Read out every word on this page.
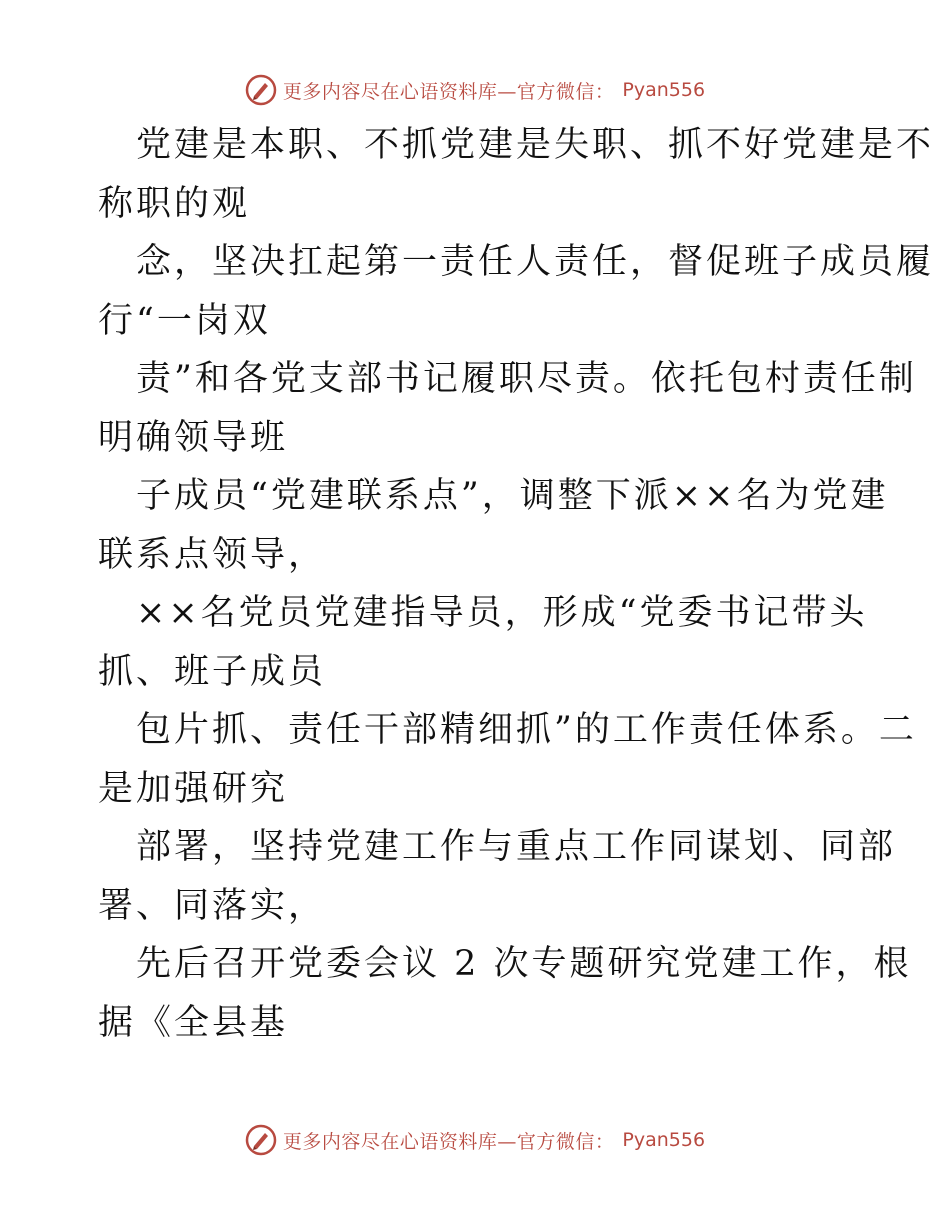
更多内容尽在心语资料库—官方微信： Pyan556
党建是本职、不抓党建是失职、抓不好党建是不
称职的观
念，坚决扛起第一责任人责任，督促班子成员履
行“一岗双
责”和各党支部书记履职尽责。依托包村责任制
明确领导班
子成员“党建联系点”，调整下派××名为党建
联系点领导，
××名党员党建指导员，形成“党委书记带头
抓、班子成员
包片抓、责任干部精细抓”的工作责任体系。二
是加强研究
部署，坚持党建工作与重点工作同谋划、同部
署、同落实，
先后召开党委会议 2 次专题研究党建工作，根
据《全县基
更多内容尽在心语资料库—官方微信： Pyan556
